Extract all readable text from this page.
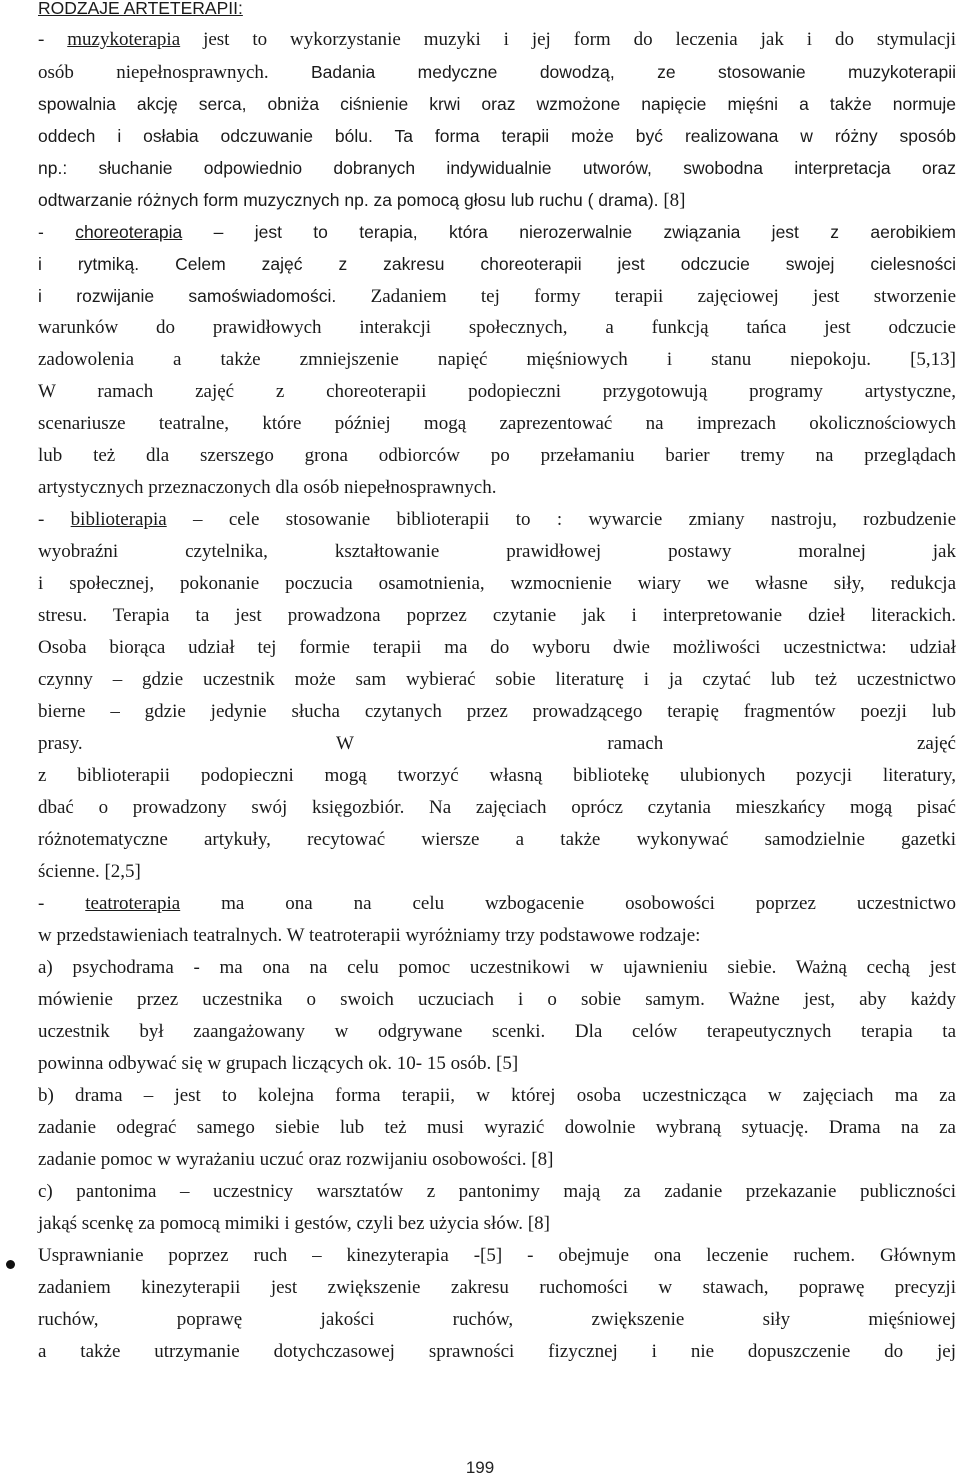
RODZAJE ARTETERAPII:
- muzykoterapia jest to wykorzystanie muzyki i jej form do leczenia jak i do stymulacji
osób niepełnosprawnych. Badania medyczne dowodzą, ze stosowanie muzykoterapii
spowalnia akcję serca, obniża ciśnienie krwi oraz wzmożone napięcie mięśni a także normuje
oddech i osłabia odczuwanie bólu. Ta forma terapii może być realizowana w różny sposób
np.: słuchanie odpowiednio dobranych indywidualnie utworów, swobodna interpretacja oraz
odtwarzanie różnych form muzycznych np. za pomocą głosu lub ruchu ( drama). [8]
- choreoterapia – jest to terapia, która nierozerwalnie związania jest z aerobikiem
i rytmiką. Celem zajęć z zakresu choreoterapii jest odczucie swojej cielesności
i rozwijanie samoświadomości. Zadaniem tej formy terapii zajęciowej jest stworzenie
warunków do prawidłowych interakcji społecznych, a funkcją tańca jest odczucie
zadowolenia a także zmniejszenie napięć mięśniowych i stanu niepokoju. [5,13]
W ramach zajęć z choreoterapii podopieczni przygotowują programy artystyczne,
scenariusze teatralne, które później mogą zaprezentować na imprezach okolicznościowych
lub też dla szerszego grona odbiorców po przełamaniu barier tremy na przeglądach
artystycznych przeznaczonych dla osób niepełnosprawnych.
- biblioterapia – cele stosowanie biblioterapii to : wywarcie zmiany nastroju, rozbudzenie
wyobraźni czytelnika, kształtowanie prawidłowej postawy moralnej jak
i społecznej, pokonanie poczucia osamotnienia, wzmocnienie wiary we własne siły, redukcja
stresu. Terapia ta jest prowadzona poprzez czytanie jak i interpretowanie dzieł literackich.
Osoba biorąca udział tej formie terapii ma do wyboru dwie możliwości uczestnictwa: udział
czynny – gdzie uczestnik może sam wybierać sobie literaturę i ja czytać lub też uczestnictwo
bierne – gdzie jedynie słucha czytanych przez prowadzącego terapię fragmentów poezji lub
prasy. W ramach zajęć
z biblioterapii podopieczni mogą tworzyć własną bibliotekę ulubionych pozycji literatury,
dbać o prowadzony swój księgozbiór. Na zajęciach oprócz czytania mieszkańcy mogą pisać
różnotematyczne artykuły, recytować wiersze a także wykonywać samodzielnie gazetki
ścienne. [2,5]
- teatroterapia ma ona na celu wzbogacenie osobowości poprzez uczestnictwo
w przedstawieniach teatralnych. W teatroterapii wyróżniamy trzy podstawowe rodzaje:
a) psychodrama - ma ona na celu pomoc uczestnikowi w ujawnieniu siebie. Ważną cechą jest
mówienie przez uczestnika o swoich uczuciach i o sobie samym. Ważne jest, aby każdy
uczestnik był zaangażowany w odgrywane scenki. Dla celów terapeutycznych terapia ta
powinna odbywać się w grupach liczących ok. 10- 15 osób. [5]
b) drama – jest to kolejna forma terapii, w której osoba uczestnicząca w zajęciach ma za
zadanie odegrać samego siebie lub też musi wyrazić dowolnie wybraną sytuację. Drama na za
zadanie pomoc w wyrażaniu uczuć oraz rozwijaniu osobowości. [8]
c) pantonima – uczestnicy warsztatów z pantonimy mają za zadanie przekazanie publiczności
jakąś scenkę za pomocą mimiki i gestów, czyli bez użycia słów. [8]
Usprawnianie poprzez ruch – kinezyterapia -[5] - obejmuje ona leczenie ruchem. Głównym
zadaniem kinezyterapii jest zwiększenie zakresu ruchomości w stawach, poprawę precyzji
ruchów, poprawę jakości ruchów, zwiększenie siły mięśniowej
a także utrzymanie dotychczasowej sprawności fizycznej i nie dopuszczenie do jej
199
